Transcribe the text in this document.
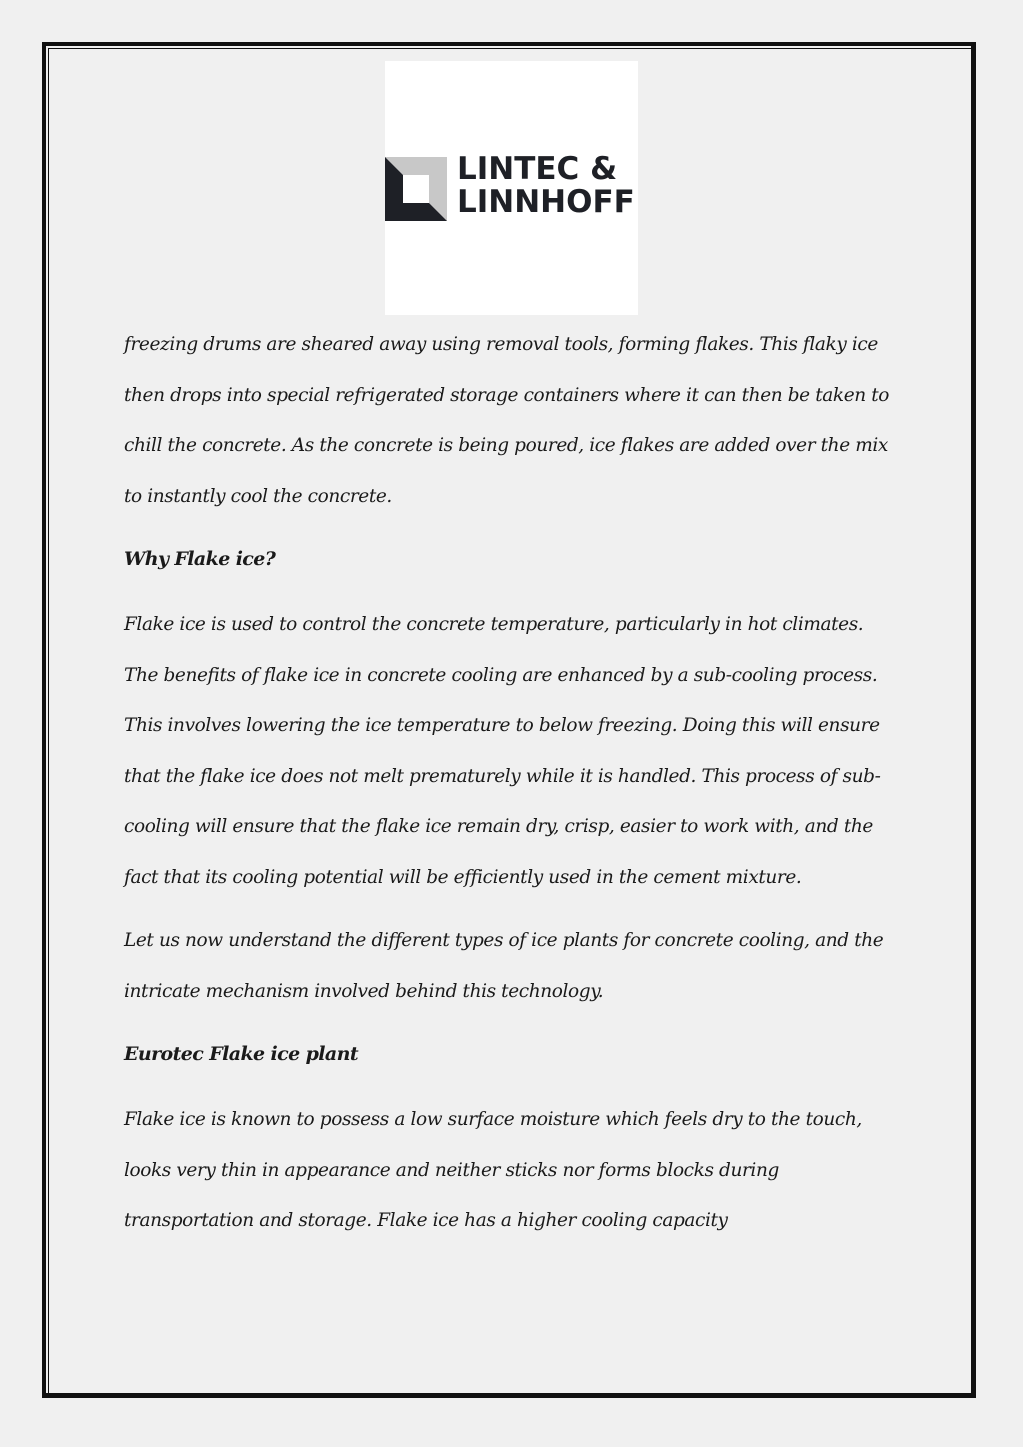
LINTEC &
LINNHOFF

freezing drums are sheared away using removal tools, forming flakes. This flaky ice then drops into special refrigerated storage containers where it can then be taken to chill the concrete. As the concrete is being poured, ice flakes are added over the mix to instantly cool the concrete.

Why Flake ice?

Flake ice is used to control the concrete temperature, particularly in hot climates. The benefits of flake ice in concrete cooling are enhanced by a sub-cooling process. This involves lowering the ice temperature to below freezing. Doing this will ensure that the flake ice does not melt prematurely while it is handled. This process of sub-cooling will ensure that the flake ice remain dry, crisp, easier to work with, and the fact that its cooling potential will be efficiently used in the cement mixture.

Let us now understand the different types of ice plants for concrete cooling, and the intricate mechanism involved behind this technology.

Eurotec Flake ice plant

Flake ice is known to possess a low surface moisture which feels dry to the touch, looks very thin in appearance and neither sticks nor forms blocks during transportation and storage. Flake ice has a higher cooling capacity
